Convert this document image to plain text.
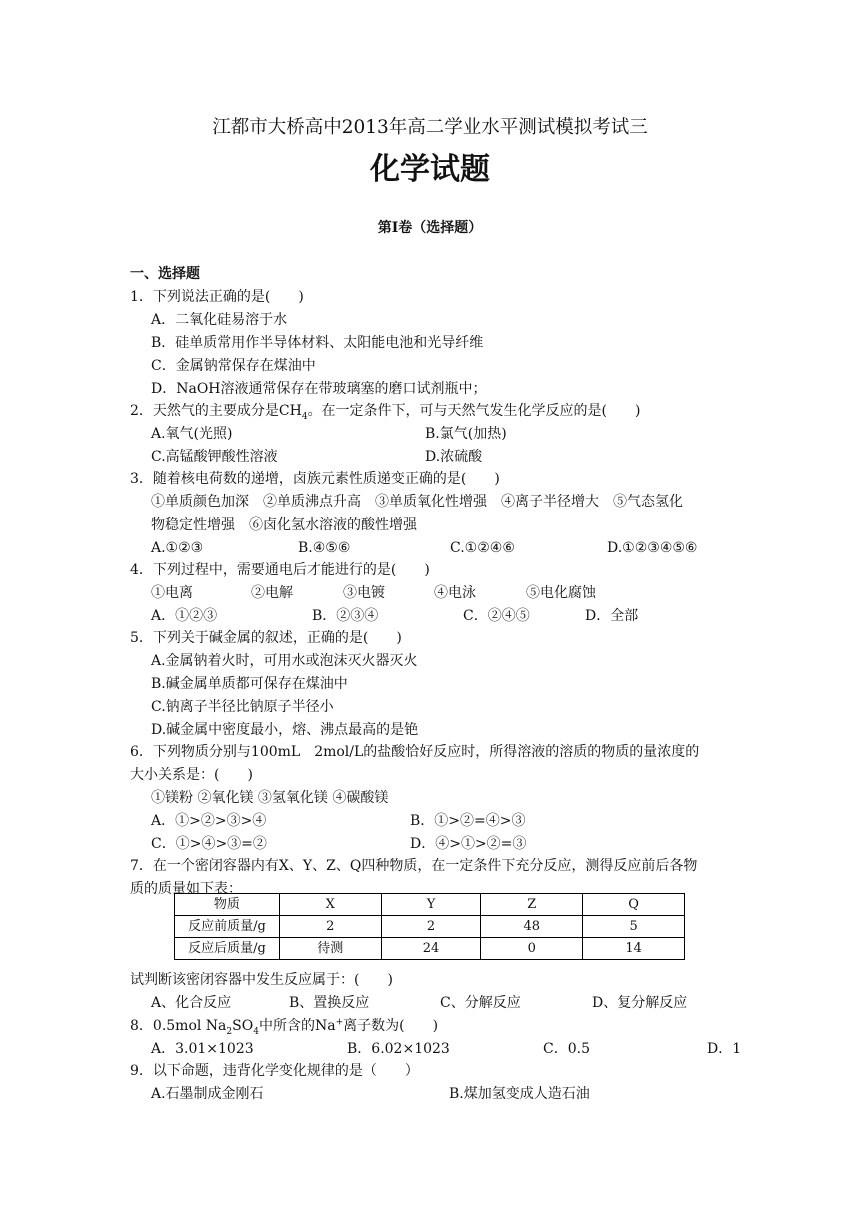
江都市大桥高中2013年高二学业水平测试模拟考试三
化学试题
第Ⅰ卷（选择题）
一、选择题
1．下列说法正确的是(　　)
A．二氧化硅易溶于水
B．硅单质常用作半导体材料、太阳能电池和光导纤维
C．金属钠常保存在煤油中
D．NaOH溶液通常保存在带玻璃塞的磨口试剂瓶中；
2．天然气的主要成分是$CH_4$。在一定条件下，可与天然气发生化学反应的是(　　)
A.氧气(光照)	B.氯气(加热)
C.高锰酸钾酸性溶液	D.浓硫酸
3．随着核电荷数的递增，卤族元素性质递变正确的是(　　)
①单质颜色加深　②单质沸点升高　③单质氧化性增强　④离子半径增大　⑤气态氢化
物稳定性增强　⑥卤化氢水溶液的酸性增强
A.①②③	B.④⑤⑥	C.①②④⑥	D.①②③④⑤⑥
4．下列过程中，需要通电后才能进行的是(　　)
①电离	②电解	③电镀	④电泳	⑤电化腐蚀
A．①②③	B．②③④	C．②④⑤	D．全部
5．下列关于碱金属的叙述，正确的是(　　)
A.金属钠着火时，可用水或泡沫灭火器灭火
B.碱金属单质都可保存在煤油中
C.钠离子半径比钠原子半径小
D.碱金属中密度最小，熔、沸点最高的是铯
6．下列物质分别与100mL　2mol/L的盐酸恰好反应时，所得溶液的溶质的物质的量浓度的
大小关系是：(　　)
①镁粉 ②氧化镁 ③氢氧化镁 ④碳酸镁
A．①>②>③>④	B．①>②=④>③
C．①>④>③=②	D．④>①>②=③
7．在一个密闭容器内有X、Y、Z、Q四种物质，在一定条件下充分反应，测得反应前后各物
质的质量如下表：
物质	X	Y	Z	Q
反应前质量/g	2	2	48	5
反应后质量/g	待测	24	0	14
试判断该密闭容器中发生反应属于：(　　)
A、化合反应	B、置换反应	C、分解反应	D、复分解反应
8．0.5mol $Na_2SO_4$中所含的Na+离子数为(　　)
A．3.01×1023	B．6.02×1023	C．0.5	D．1
9．以下命题，违背化学变化规律的是（　　）
A.石墨制成金刚石	B.煤加氢变成人造石油
